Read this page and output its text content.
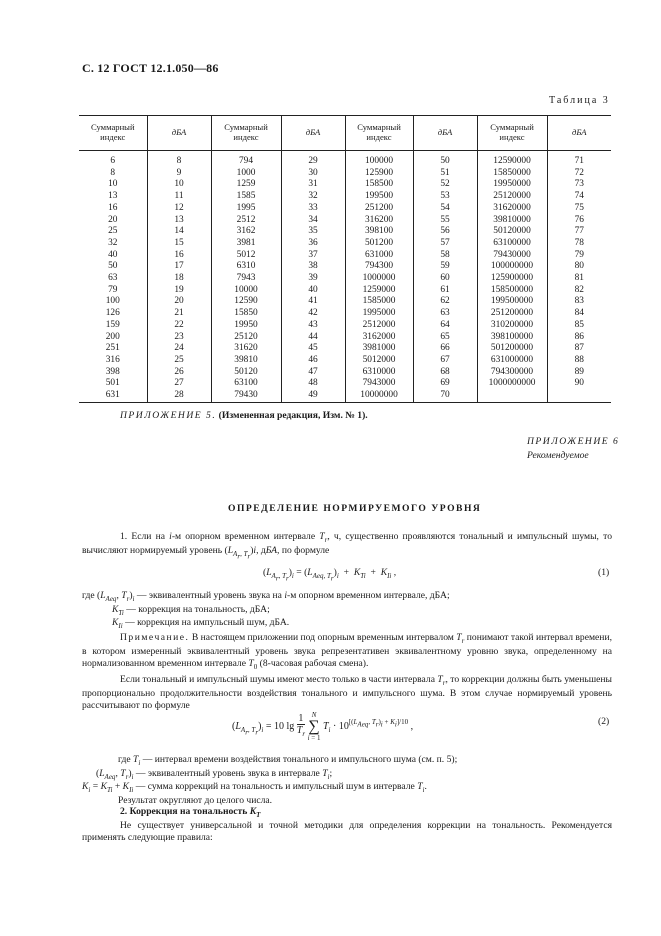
С. 12 ГОСТ 12.1.050—86
Таблица 3
Суммарный индекс	дБА	Суммарный индекс	дБА	Суммарный индекс	дБА	Суммарный индекс	дБА
6	8	794	29	100000	50	12590000	71
8	9	1000	30	125900	51	15850000	72
10	10	1259	31	158500	52	19950000	73
13	11	1585	32	199500	53	25120000	74
16	12	1995	33	251200	54	31620000	75
20	13	2512	34	316200	55	39810000	76
25	14	3162	35	398100	56	50120000	77
32	15	3981	36	501200	57	63100000	78
40	16	5012	37	631000	58	79430000	79
50	17	6310	38	794300	59	100000000	80
63	18	7943	39	1000000	60	125900000	81
79	19	10000	40	1259000	61	158500000	82
100	20	12590	41	1585000	62	199500000	83
126	21	15850	42	1995000	63	251200000	84
159	22	19950	43	2512000	64	310200000	85
200	23	25120	44	3162000	65	398100000	86
251	24	31620	45	3981000	66	501200000	87
316	25	39810	46	5012000	67	631000000	88
398	26	50120	47	6310000	68	794300000	89
501	27	63100	48	7943000	69	1000000000	90
631	28	79430	49	10000000	70		
ПРИЛОЖЕНИЕ 5. (Измененная редакция, Изм. № 1).
ПРИЛОЖЕНИЕ 6
Рекомендуемое
ОПРЕДЕЛЕНИЕ НОРМИРУЕМОГО УРОВНЯ
1. Если на i-м опорном временном интервале $T_r$, ч, существенно проявляются тональный и импульсный шумы, то вычисляют нормируемый уровень $(L_{A_r, T_r})i$, дБА, по формуле
$(L_{A_r, T_r})_i = (L_{Aeq, T_r})_i + K_{Ti} + K_{Ii}$ ,	(1)
где ($L_{Aeq}$, $T_r)_i$ — эквивалентный уровень звука на i-м опорном временном интервале, дБА;
$K_{Ti}$ — коррекция на тональность, дБА;
$K_{Ii}$ — коррекция на импульсный шум, дБА.
Примечание. В настоящем приложении под опорным временным интервалом $T_r$ понимают такой интервал времени, в котором измеренный эквивалентный уровень звука репрезентативен эквивалентному уровню звука, определенному на нормализованном временном интервале $T_0$ (8-часовая рабочая смена).
Если тональный и импульсный шумы имеют место только в части интервала $T_r$, то коррекции должны быть уменьшены пропорционально продолжительности воздействия тонального и импульсного шума. В этом случае нормируемый уровень рассчитывают по формуле
$(L_{A_r, T_r})_i = 10$ $\lg \frac{1}{T_r}$
N
∑
i = 1
$T_i \cdot 10^{[(L_{Aeq}, T_r)_i + K_i]/10}$ ,	(2)
где $T_i$ — интервал времени воздействия тонального и импульсного шума (см. п. 5);
($L_{Aeq}$, $T_r)_i$ — эквивалентный уровень звука в интервале $T_i$;
$K_i = K_{Ti} + K_{Ii}$ — сумма коррекций на тональность и импульсный шум в интервале $T_i$.
Результат округляют до целого числа.
2. Коррекция на тональность $K_T$
Не существует универсальной и точной методики для определения коррекции на тональность. Рекомендуется применять следующие правила:
